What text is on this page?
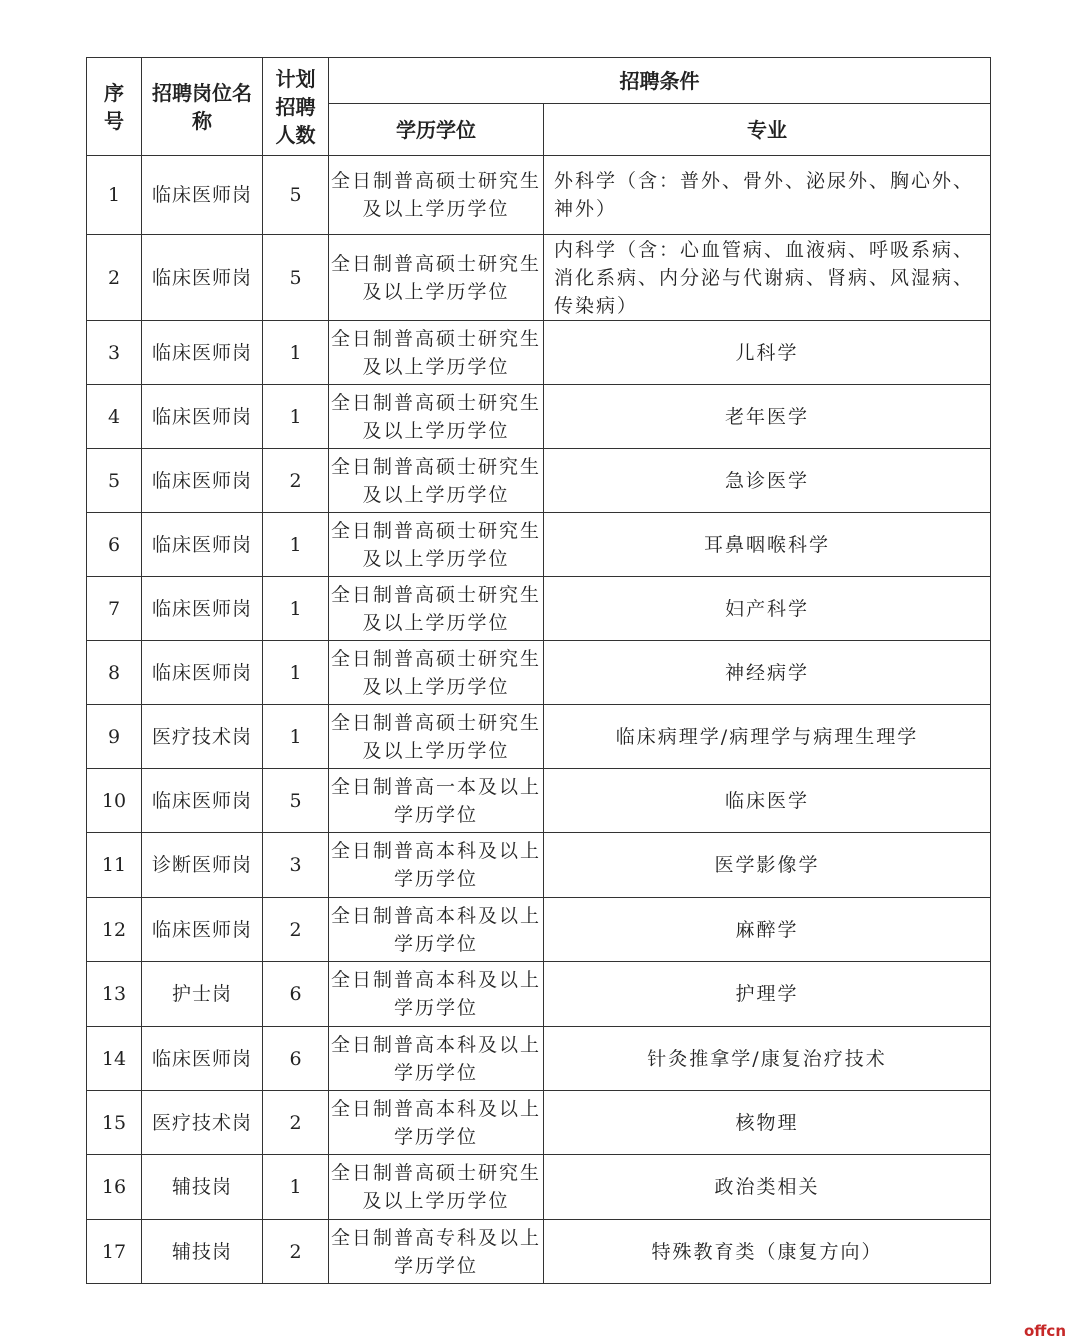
序号	招聘岗位名称	计划招聘人数	招聘条件	
			学历学位	专业
1	临床医师岗	5	全日制普高硕士研究生及以上学历学位	外科学（含：普外、骨外、泌尿外、胸心外、神外）
2	临床医师岗	5	全日制普高硕士研究生及以上学历学位	内科学（含：心血管病、血液病、呼吸系病、消化系病、内分泌与代谢病、肾病、风湿病、传染病）
3	临床医师岗	1	全日制普高硕士研究生及以上学历学位	儿科学
4	临床医师岗	1	全日制普高硕士研究生及以上学历学位	老年医学
5	临床医师岗	2	全日制普高硕士研究生及以上学历学位	急诊医学
6	临床医师岗	1	全日制普高硕士研究生及以上学历学位	耳鼻咽喉科学
7	临床医师岗	1	全日制普高硕士研究生及以上学历学位	妇产科学
8	临床医师岗	1	全日制普高硕士研究生及以上学历学位	神经病学
9	医疗技术岗	1	全日制普高硕士研究生及以上学历学位	临床病理学/病理学与病理生理学
10	临床医师岗	5	全日制普高一本及以上学历学位	临床医学
11	诊断医师岗	3	全日制普高本科及以上学历学位	医学影像学
12	临床医师岗	2	全日制普高本科及以上学历学位	麻醉学
13	护士岗	6	全日制普高本科及以上学历学位	护理学
14	临床医师岗	6	全日制普高本科及以上学历学位	针灸推拿学/康复治疗技术
15	医疗技术岗	2	全日制普高本科及以上学历学位	核物理
16	辅技岗	1	全日制普高硕士研究生及以上学历学位	政治类相关
17	辅技岗	2	全日制普高专科及以上学历学位	特殊教育类（康复方向）
offcn
